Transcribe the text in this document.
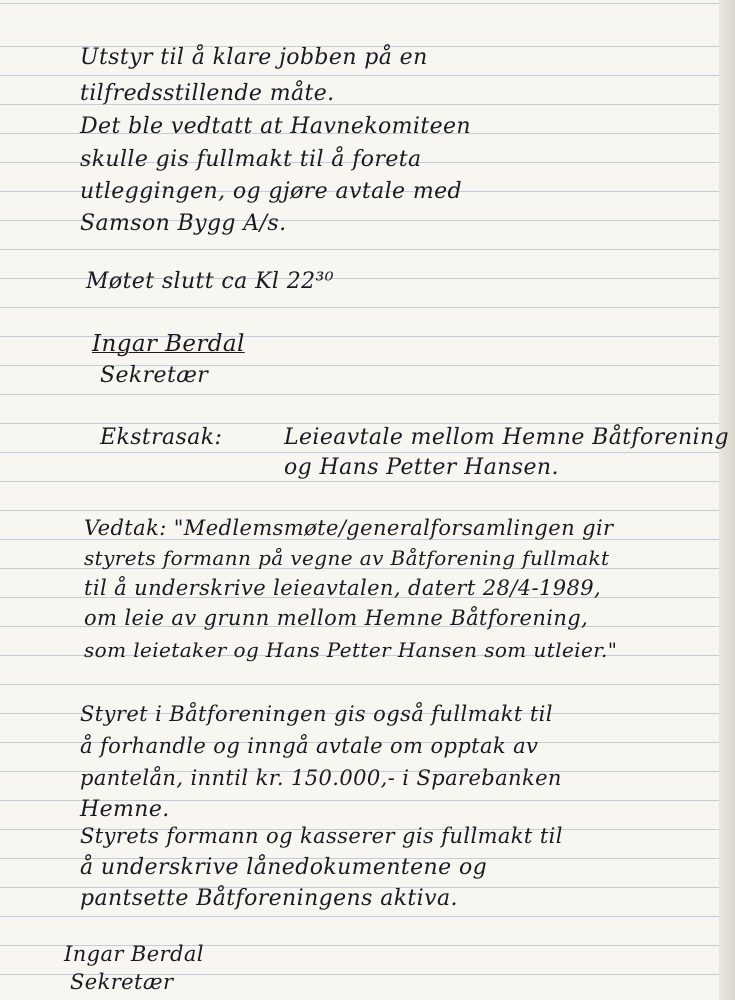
Utstyr til å klare jobben på en

tilfredsstillende måte.

Det ble vedtatt at Havnekomiteen

skulle gis fullmakt til å foreta

utleggingen, og gjøre avtale med

Samson Bygg A/s.

Møtet slutt ca Kl 22³⁰

Ingar Berdal

Sekretær

Ekstrasak:	Leieavtale mellom Hemne Båtforening

og Hans Petter Hansen.

Vedtak: "Medlemsmøte/generalforsamlingen gir

styrets formann på vegne av Båtforening fullmakt

til å underskrive leieavtalen, datert 28/4-1989,

om leie av grunn mellom Hemne Båtforening,

som leietaker og Hans Petter Hansen som utleier."

Styret i Båtforeningen gis også fullmakt til

å forhandle og inngå avtale om opptak av

pantelån, inntil kr. 150.000,- i Sparebanken

Hemne.

Styrets formann og kasserer gis fullmakt til

å underskrive lånedokumentene og

pantsette Båtforeningens aktiva.

Ingar Berdal

Sekretær
